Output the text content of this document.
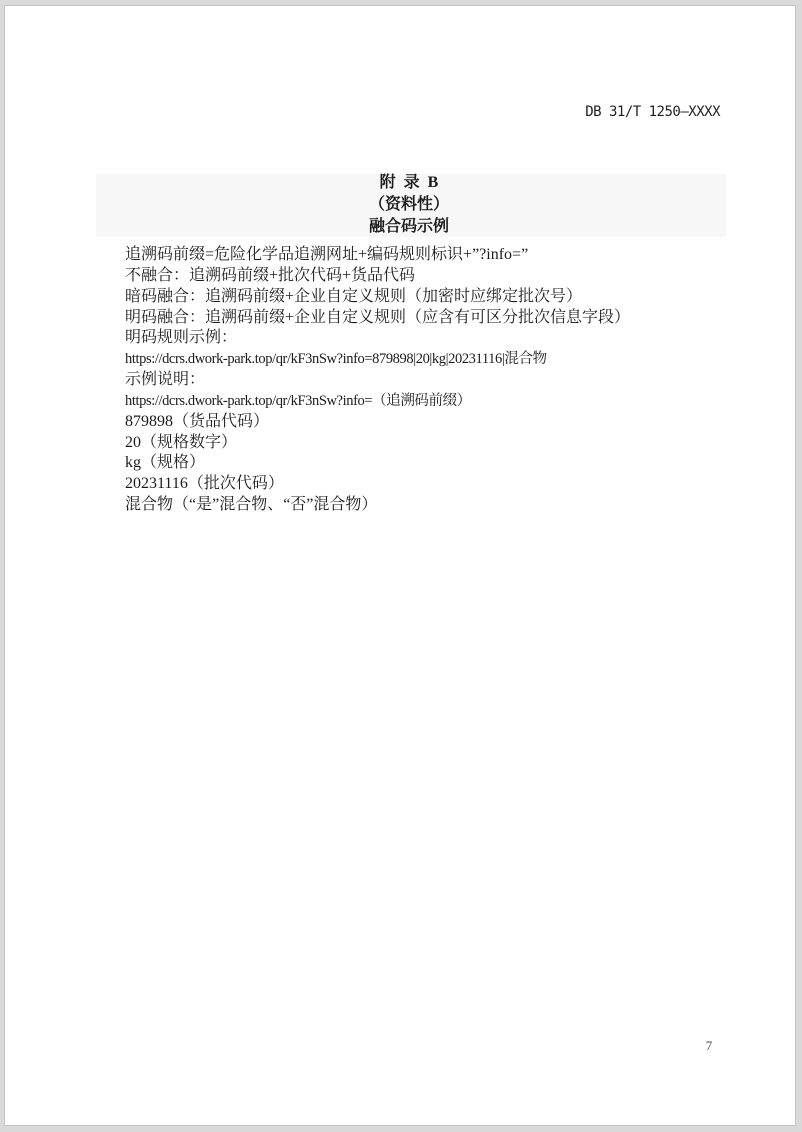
DB 31/T 1250—XXXX
附  录  B
（资料性）
融合码示例
追溯码前缀=危险化学品追溯网址+编码规则标识+”?info=”
不融合：追溯码前缀+批次代码+货品代码
暗码融合：追溯码前缀+企业自定义规则（加密时应绑定批次号）
明码融合：追溯码前缀+企业自定义规则（应含有可区分批次信息字段）
明码规则示例：
https://dcrs.dwork-park.top/qr/kF3nSw?info=879898|20|kg|20231116|混合物
示例说明：
https://dcrs.dwork-park.top/qr/kF3nSw?info=（追溯码前缀）
879898（货品代码）
20（规格数字）
kg（规格）
20231116（批次代码）
混合物（“是”混合物、“否”混合物）
7
